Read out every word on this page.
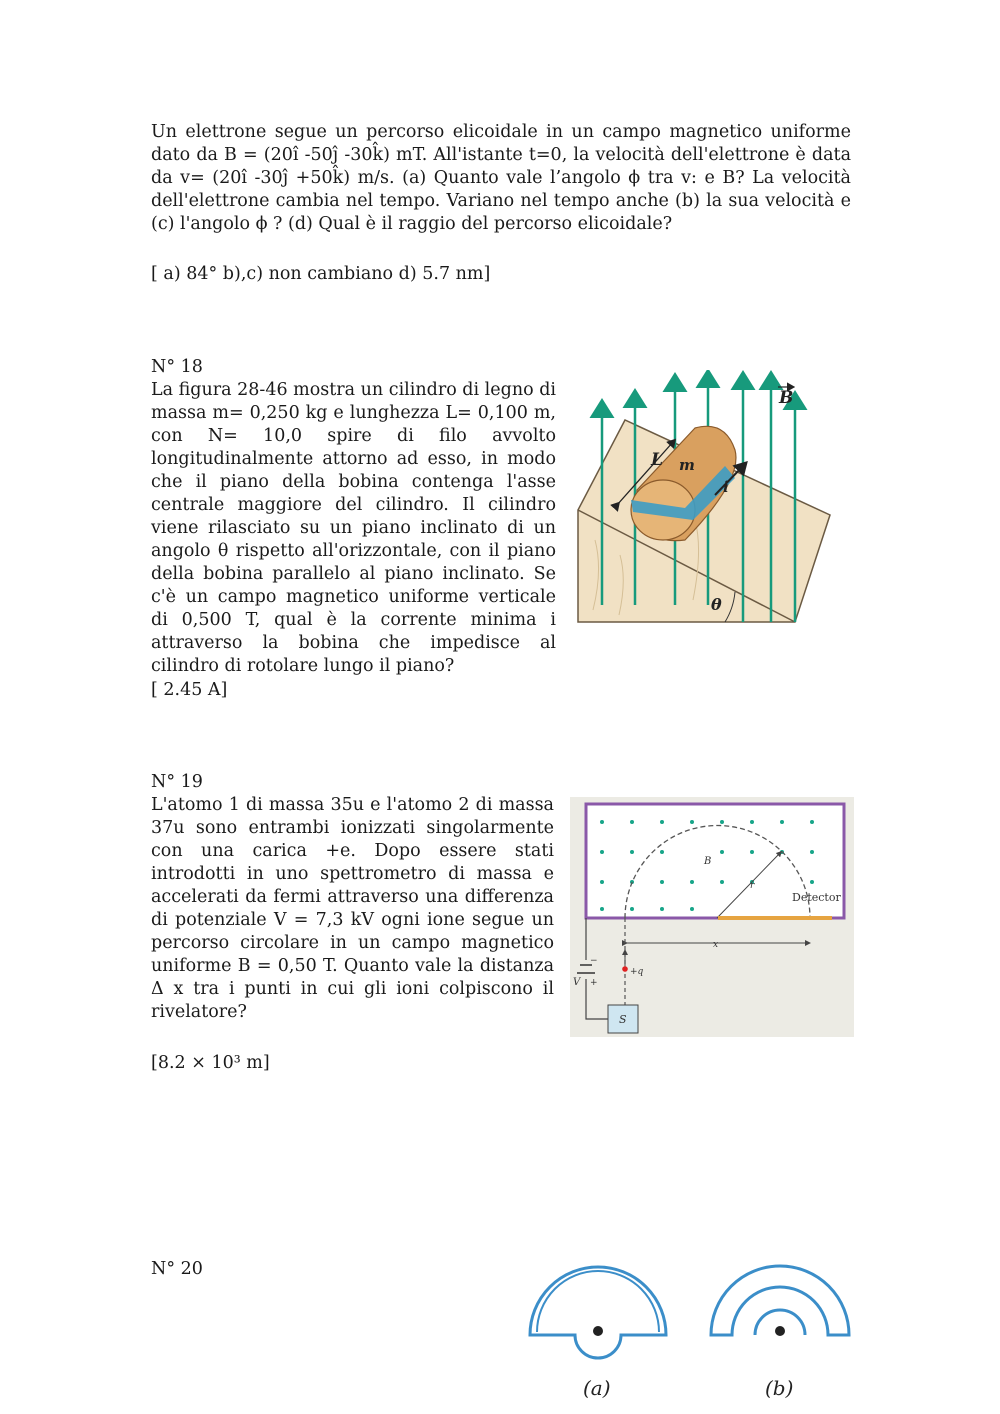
Un elettrone segue un percorso elicoidale in un campo magnetico uniforme dato da B = (20î -50ĵ -30k̂) mT. All'istante t=0, la velocità dell'elettrone è data da v= (20î -30ĵ +50k̂) m/s. (a) Quanto vale l’angolo ϕ tra v: e B? La velocità dell'elettrone cambia nel tempo. Variano nel tempo anche (b) la sua velocità e (c) l'angolo ϕ ? (d) Qual è il raggio del percorso elicoidale?

[ a) 84° b),c) non cambiano d) 5.7 nm]

N° 18

La figura 28-46 mostra un cilindro di legno di massa m= 0,250 kg e lunghezza L= 0,100 m, con N= 10,0 spire di filo avvolto longitudinalmente attorno ad esso, in modo che il piano della bobina contenga l'asse centrale maggiore del cilindro. Il cilindro viene rilasciato su un piano inclinato di un angolo θ rispetto all'orizzontale, con il piano della bobina parallelo al piano inclinato. Se c'è un campo magnetico uniforme verticale di 0,500 T, qual è la corrente minima i attraverso la bobina che impedisce al cilindro di rotolare lungo il piano?

[ 2.45 A]

B
L m
i
θ

N° 19

L'atomo 1 di massa 35u e l'atomo 2 di massa 37u sono entrambi ionizzati singolarmente con una carica +e. Dopo essere stati introdotti in uno spettrometro di massa e accelerati da fermi attraverso una differenza di potenziale V = 7,3 kV ogni ione segue un percorso circolare in un campo magnetico uniforme B = 0,50 T. Quanto vale la distanza Δ x tra i punti in cui gli ioni colpiscono il rivelatore?

[8.2 × 10³ m]

B
r
Detector
x
+q
V
−
+
S

N° 20

(a)	(b)
